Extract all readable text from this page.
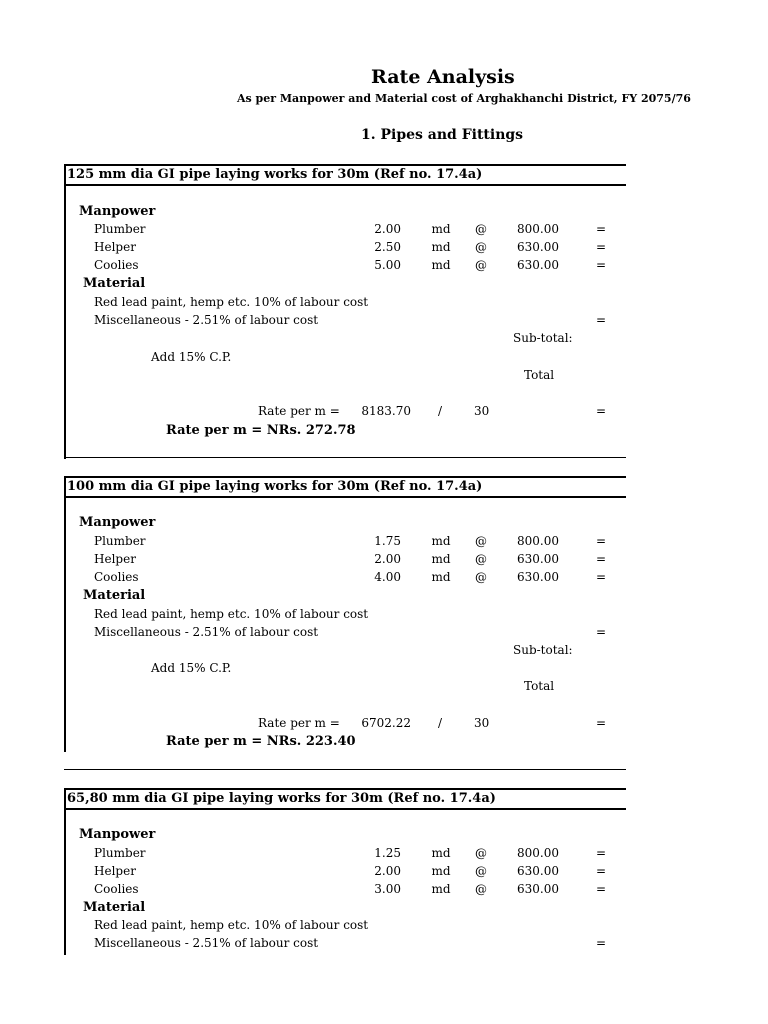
Rate Analysis
As per Manpower and Material cost of Arghakhanchi District, FY 2075/76
1. Pipes and Fittings
125 mm dia GI pipe laying works for 30m (Ref no. 17.4a)
Manpower
Plumber	2.00	md	@	800.00	=
Helper	2.50	md	@	630.00	=
Coolies	5.00	md	@	630.00	=
Material
Red lead paint, hemp etc. 10% of labour cost
Miscellaneous - 2.51% of labour cost	=
Sub-total:
Add 15% C.P.
Total
Rate per m =	8183.70	/	30	=
Rate per m = NRs. 272.78
100 mm dia GI pipe laying works for 30m (Ref no. 17.4a)
Manpower
Plumber	1.75	md	@	800.00	=
Helper	2.00	md	@	630.00	=
Coolies	4.00	md	@	630.00	=
Material
Red lead paint, hemp etc. 10% of labour cost
Miscellaneous - 2.51% of labour cost	=
Sub-total:
Add 15% C.P.
Total
Rate per m =	6702.22	/	30	=
Rate per m = NRs. 223.40
65,80 mm dia GI pipe laying works for 30m (Ref no. 17.4a)
Manpower
Plumber	1.25	md	@	800.00	=
Helper	2.00	md	@	630.00	=
Coolies	3.00	md	@	630.00	=
Material
Red lead paint, hemp etc. 10% of labour cost
Miscellaneous - 2.51% of labour cost	=
